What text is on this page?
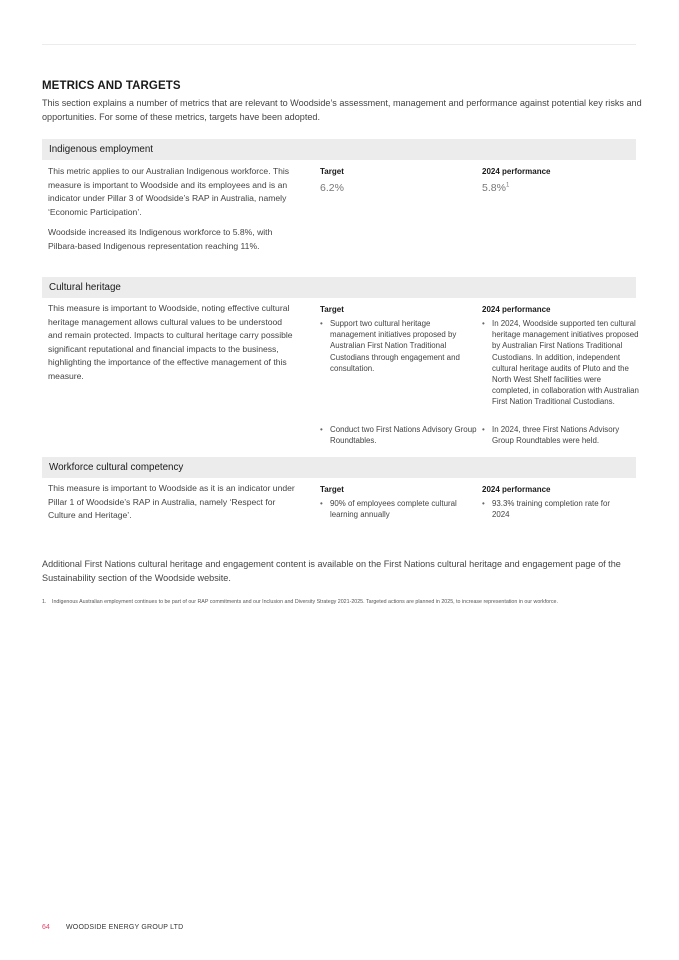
METRICS AND TARGETS
This section explains a number of metrics that are relevant to Woodside’s assessment, management and performance against potential key risks and opportunities. For some of these metrics, targets have been adopted.
Indigenous employment

This metric applies to our Australian Indigenous workforce. This measure is important to Woodside and its employees and is an indicator under Pillar 3 of Woodside’s RAP in Australia, namely ‘Economic Participation’.

Woodside increased its Indigenous workforce to 5.8%, with Pilbara-based Indigenous representation reaching 11%.

Target
6.2%
2024 performance
5.8%$^1$
Cultural heritage

This measure is important to Woodside, noting effective cultural heritage management allows cultural values to be understood and remain protected. Impacts to cultural heritage carry possible significant reputational and financial impacts to the business, highlighting the importance of the effective management of this measure.

Target	2024 performance
• Support two cultural heritage management initiatives proposed by Australian First Nation Traditional Custodians through engagement and consultation.
• In 2024, Woodside supported ten cultural heritage management initiatives proposed by Australian First Nations Traditional Custodians. In addition, independent cultural heritage audits of Pluto and the North West Shelf facilities were completed, in collaboration with Australian First Nation Traditional Custodians.
• Conduct two First Nations Advisory Group Roundtables.
• In 2024, three First Nations Advisory Group Roundtables were held.
Workforce cultural competency

This measure is important to Woodside as it is an indicator under Pillar 1 of Woodside’s RAP in Australia, namely ‘Respect for Culture and Heritage’.

Target	2024 performance
• 90% of employees complete cultural learning annually
• 93.3% training completion rate for 2024
Additional First Nations cultural heritage and engagement content is available on the First Nations cultural heritage and engagement page of the Sustainability section of the Woodside website.
1. Indigenous Australian employment continues to be part of our RAP commitments and our Inclusion and Diversity Strategy 2021-2025. Targeted actions are planned in 2025, to increase representation in our workforce.
64 WOODSIDE ENERGY GROUP LTD
